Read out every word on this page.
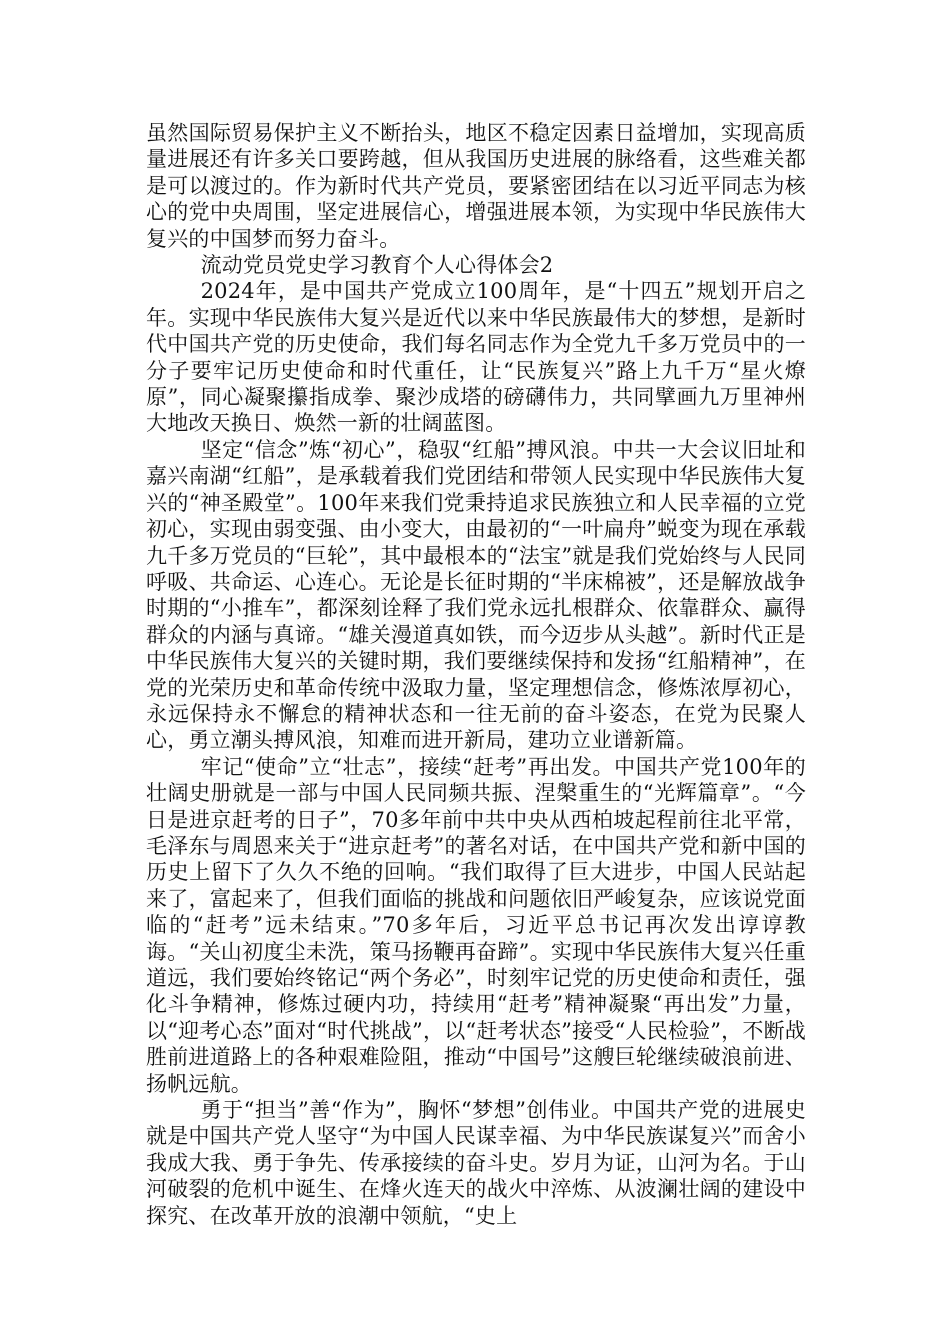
虽然国际贸易保护主义不断抬头，地区不稳定因素日益增加，实现高质量进展还有许多关口要跨越，但从我国历史进展的脉络看，这些难关都是可以渡过的。作为新时代共产党员，要紧密团结在以习近平同志为核心的党中央周围，坚定进展信心，增强进展本领，为实现中华民族伟大复兴的中国梦而努力奋斗。

流动党员党史学习教育个人心得体会2

2024年，是中国共产党成立100周年，是“十四五”规划开启之年。实现中华民族伟大复兴是近代以来中华民族最伟大的梦想，是新时代中国共产党的历史使命，我们每名同志作为全党九千多万党员中的一分子要牢记历史使命和时代重任，让“民族复兴”路上九千万“星火燎原”，同心凝聚攥指成拳、聚沙成塔的磅礴伟力，共同擘画九万里神州大地改天换日、焕然一新的壮阔蓝图。

坚定“信念”炼“初心”，稳驭“红船”搏风浪。中共一大会议旧址和嘉兴南湖“红船”，是承载着我们党团结和带领人民实现中华民族伟大复兴的“神圣殿堂”。100年来我们党秉持追求民族独立和人民幸福的立党初心，实现由弱变强、由小变大，由最初的“一叶扁舟”蜕变为现在承载九千多万党员的“巨轮”，其中最根本的“法宝”就是我们党始终与人民同呼吸、共命运、心连心。无论是长征时期的“半床棉被”，还是解放战争时期的“小推车”，都深刻诠释了我们党永远扎根群众、依靠群众、赢得群众的内涵与真谛。“雄关漫道真如铁，而今迈步从头越”。新时代正是中华民族伟大复兴的关键时期，我们要继续保持和发扬“红船精神”，在党的光荣历史和革命传统中汲取力量，坚定理想信念，修炼浓厚初心，永远保持永不懈怠的精神状态和一往无前的奋斗姿态，在党为民聚人心，勇立潮头搏风浪，知难而进开新局，建功立业谱新篇。

牢记“使命”立“壮志”，接续“赶考”再出发。中国共产党100年的壮阔史册就是一部与中国人民同频共振、涅槃重生的“光辉篇章”。“今日是进京赶考的日子”，70多年前中共中央从西柏坡起程前往北平常，毛泽东与周恩来关于“进京赶考”的著名对话，在中国共产党和新中国的历史上留下了久久不绝的回响。“我们取得了巨大进步，中国人民站起来了，富起来了，但我们面临的挑战和问题依旧严峻复杂，应该说党面临的“赶考”远未结束。”70多年后，习近平总书记再次发出谆谆教诲。“关山初度尘未洗，策马扬鞭再奋蹄”。实现中华民族伟大复兴任重道远，我们要始终铭记“两个务必”，时刻牢记党的历史使命和责任，强化斗争精神，修炼过硬内功，持续用“赶考”精神凝聚“再出发”力量，以“迎考心态”面对“时代挑战”，以“赶考状态”接受“人民检验”，不断战胜前进道路上的各种艰难险阻，推动“中国号”这艘巨轮继续破浪前进、扬帆远航。

勇于“担当”善“作为”，胸怀“梦想”创伟业。中国共产党的进展史就是中国共产党人坚守“为中国人民谋幸福、为中华民族谋复兴”而舍小我成大我、勇于争先、传承接续的奋斗史。岁月为证，山河为名。于山河破裂的危机中诞生、在烽火连天的战火中淬炼、从波澜壮阔的建设中探究、在改革开放的浪潮中领航，“史上
